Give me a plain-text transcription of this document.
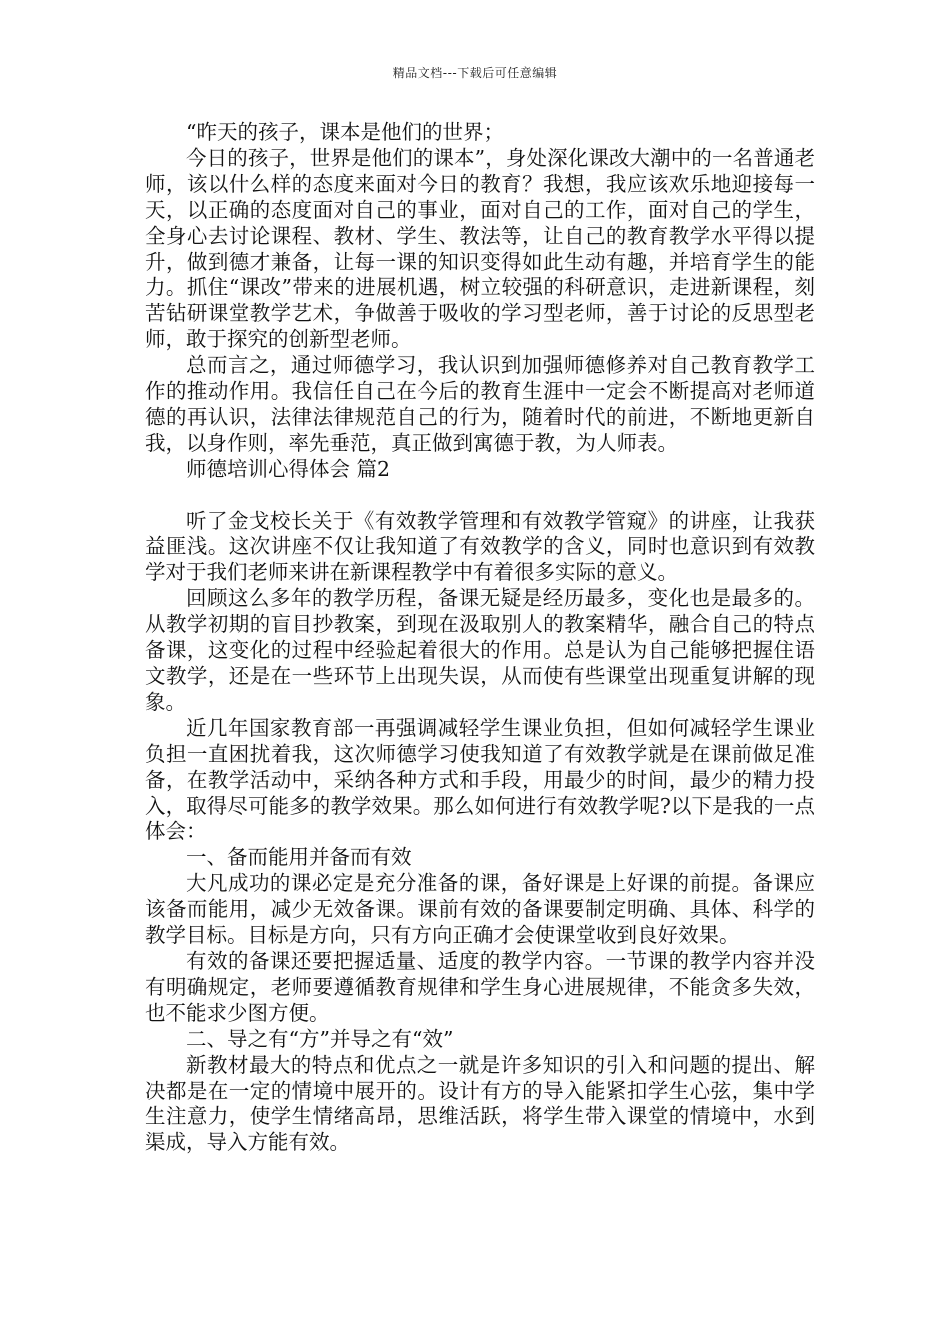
精品文档---下载后可任意编辑

“昨天的孩子，课本是他们的世界；

今日的孩子，世界是他们的课本”，身处深化课改大潮中的一名普通老师，该以什么样的态度来面对今日的教育？我想，我应该欢乐地迎接每一天，以正确的态度面对自己的事业，面对自己的工作，面对自己的学生，全身心去讨论课程、教材、学生、教法等，让自己的教育教学水平得以提升，做到德才兼备，让每一课的知识变得如此生动有趣，并培育学生的能力。抓住“课改”带来的进展机遇，树立较强的科研意识，走进新课程，刻苦钻研课堂教学艺术，争做善于吸收的学习型老师，善于讨论的反思型老师，敢于探究的创新型老师。

总而言之，通过师德学习，我认识到加强师德修养对自己教育教学工作的推动作用。我信任自己在今后的教育生涯中一定会不断提高对老师道德的再认识，法律法律规范自己的行为，随着时代的前进，不断地更新自我，以身作则，率先垂范，真正做到寓德于教，为人师表。

师德培训心得体会 篇2

听了金戈校长关于《有效教学管理和有效教学管窥》的讲座，让我获益匪浅。这次讲座不仅让我知道了有效教学的含义，同时也意识到有效教学对于我们老师来讲在新课程教学中有着很多实际的意义。

回顾这么多年的教学历程，备课无疑是经历最多，变化也是最多的。从教学初期的盲目抄教案，到现在汲取别人的教案精华，融合自己的特点备课，这变化的过程中经验起着很大的作用。总是认为自己能够把握住语文教学，还是在一些环节上出现失误，从而使有些课堂出现重复讲解的现象。

近几年国家教育部一再强调减轻学生课业负担，但如何减轻学生课业负担一直困扰着我，这次师德学习使我知道了有效教学就是在课前做足准备，在教学活动中，采纳各种方式和手段，用最少的时间，最少的精力投入，取得尽可能多的教学效果。那么如何进行有效教学呢?以下是我的一点体会：

一、备而能用并备而有效

大凡成功的课必定是充分准备的课，备好课是上好课的前提。备课应该备而能用，减少无效备课。课前有效的备课要制定明确、具体、科学的教学目标。目标是方向，只有方向正确才会使课堂收到良好效果。

有效的备课还要把握适量、适度的教学内容。一节课的教学内容并没有明确规定，老师要遵循教育规律和学生身心进展规律，不能贪多失效，也不能求少图方便。

二、导之有“方”并导之有“效”

新教材最大的特点和优点之一就是许多知识的引入和问题的提出、解决都是在一定的情境中展开的。设计有方的导入能紧扣学生心弦，集中学生注意力，使学生情绪高昂，思维活跃，将学生带入课堂的情境中，水到渠成，导入方能有效。
